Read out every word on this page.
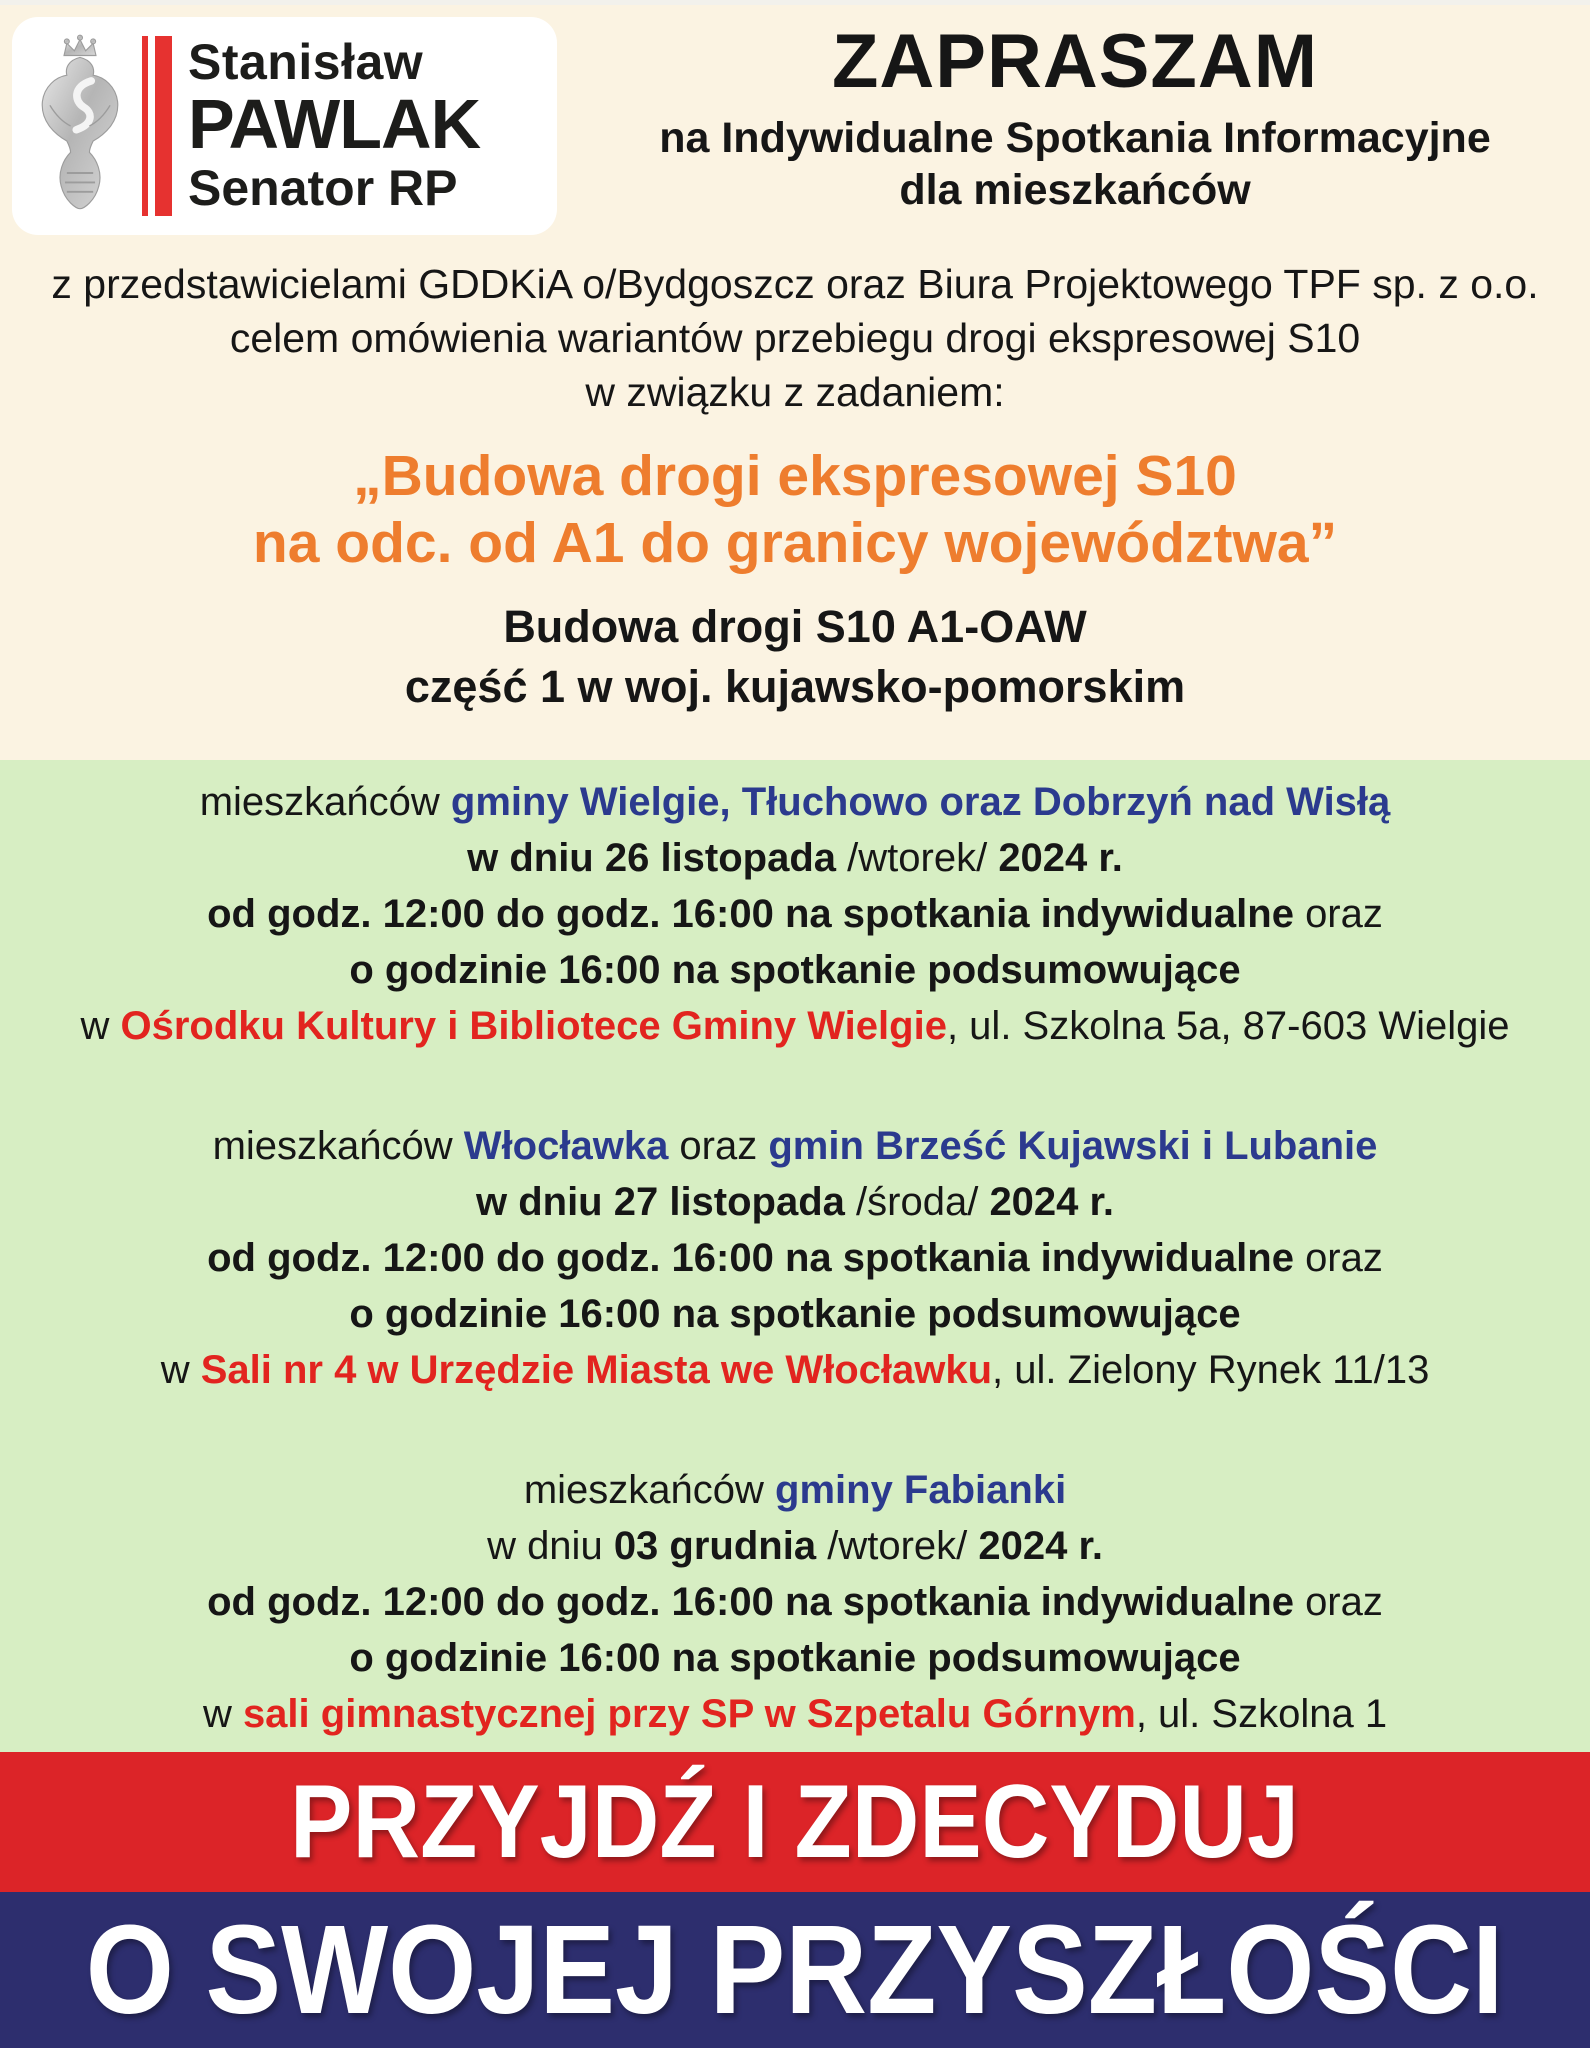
Stanisław
PAWLAK
Senator RP
ZAPRASZAM
na Indywidualne Spotkania Informacyjne
dla mieszkańców
z przedstawicielami GDDKiA o/Bydgoszcz oraz Biura Projektowego TPF sp. z o.o.
celem omówienia wariantów przebiegu drogi ekspresowej S10
w związku z zadaniem:
„Budowa drogi ekspresowej S10
na odc. od A1 do granicy województwa”
Budowa drogi S10 A1-OAW
część 1 w woj. kujawsko-pomorskim
mieszkańców gminy Wielgie, Tłuchowo oraz Dobrzyń nad Wisłą
w dniu 26 listopada /wtorek/ 2024 r.
od godz. 12:00 do godz. 16:00 na spotkania indywidualne oraz
o godzinie 16:00 na spotkanie podsumowujące
w Ośrodku Kultury i Bibliotece Gminy Wielgie, ul. Szkolna 5a, 87-603 Wielgie
mieszkańców Włocławka oraz gmin Brześć Kujawski i Lubanie
w dniu 27 listopada /środa/ 2024 r.
od godz. 12:00 do godz. 16:00 na spotkania indywidualne oraz
o godzinie 16:00 na spotkanie podsumowujące
w Sali nr 4 w Urzędzie Miasta we Włocławku, ul. Zielony Rynek 11/13
mieszkańców gminy Fabianki
w dniu 03 grudnia /wtorek/ 2024 r.
od godz. 12:00 do godz. 16:00 na spotkania indywidualne oraz
o godzinie 16:00 na spotkanie podsumowujące
w sali gimnastycznej przy SP w Szpetalu Górnym, ul. Szkolna 1
PRZYJDŹ I ZDECYDUJ
O SWOJEJ PRZYSZŁOŚCI
